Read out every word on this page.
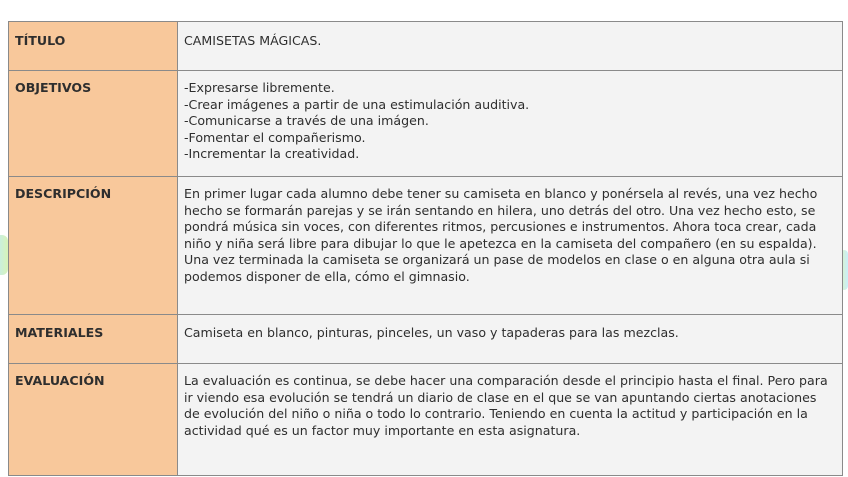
TÍTULO	CAMISETAS MÁGICAS.
OBJETIVOS	-Expresarse libremente.
-Crear imágenes a partir de una estimulación auditiva.
-Comunicarse a través de una imágen.
-Fomentar el compañerismo.
-Incrementar la creatividad.

DESCRIPCIÓN	En primer lugar cada alumno debe tener su camiseta en blanco y ponérsela al revés, una vez hecho hecho se formarán parejas y se irán sentando en hilera, uno detrás del otro. Una vez hecho esto, se pondrá música sin voces, con diferentes ritmos, percusiones e instrumentos. Ahora toca crear, cada niño y niña será libre para dibujar lo que le apetezca en la camiseta del compañero (en su espalda).
Una vez terminada la camiseta se organizará un pase de modelos en clase o en alguna otra aula si podemos disponer de ella, cómo el gimnasio.

MATERIALES	Camiseta en blanco, pinturas, pinceles, un vaso y tapaderas para las mezclas.
EVALUACIÓN	La evaluación es continua, se debe hacer una comparación desde el principio hasta el final. Pero para ir viendo esa evolución se tendrá un diario de clase en el que se van apuntando ciertas anotaciones de evolución del niño o niña o todo lo contrario. Teniendo en cuenta la actitud y participación en la actividad qué es un factor muy importante en esta asignatura.
